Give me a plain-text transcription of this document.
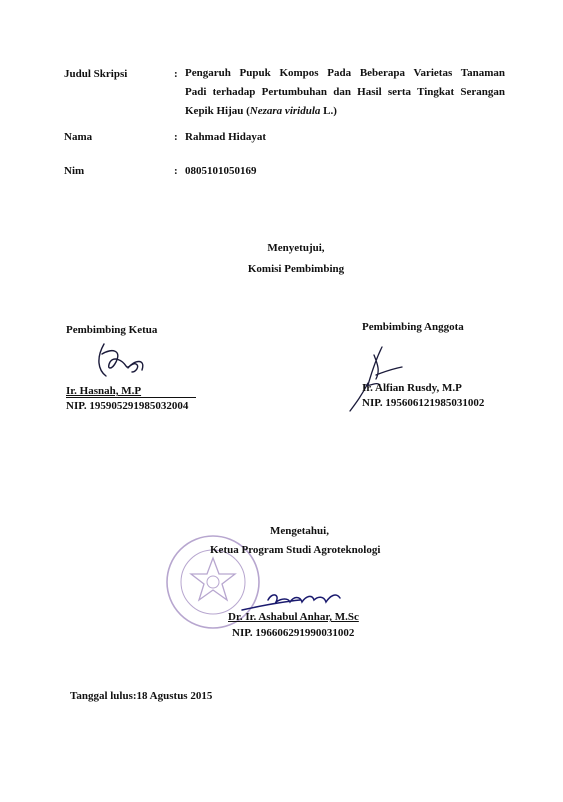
Judul Skripsi	: Pengaruh Pupuk Kompos Pada Beberapa Varietas Tanaman
Padi terhadap Pertumbuhan dan Hasil serta Tingkat Serangan
Kepik Hijau (Nezara viridula L.)
Nama	: Rahmad Hidayat
Nim	: 0805101050169
Menyetujui,
Komisi Pembimbing
Pembimbing Ketua
Ir. Hasnah, M.P
NIP. 195905291985032004
Pembimbing Anggota
Ir. Alfian Rusdy, M.P
NIP. 195606121985031002
Mengetahui,
Ketua Program Studi Agroteknologi
Dr. Ir. Ashabul Anhar, M.Sc
NIP. 196606291990031002
Tanggal lulus:18 Agustus 2015
